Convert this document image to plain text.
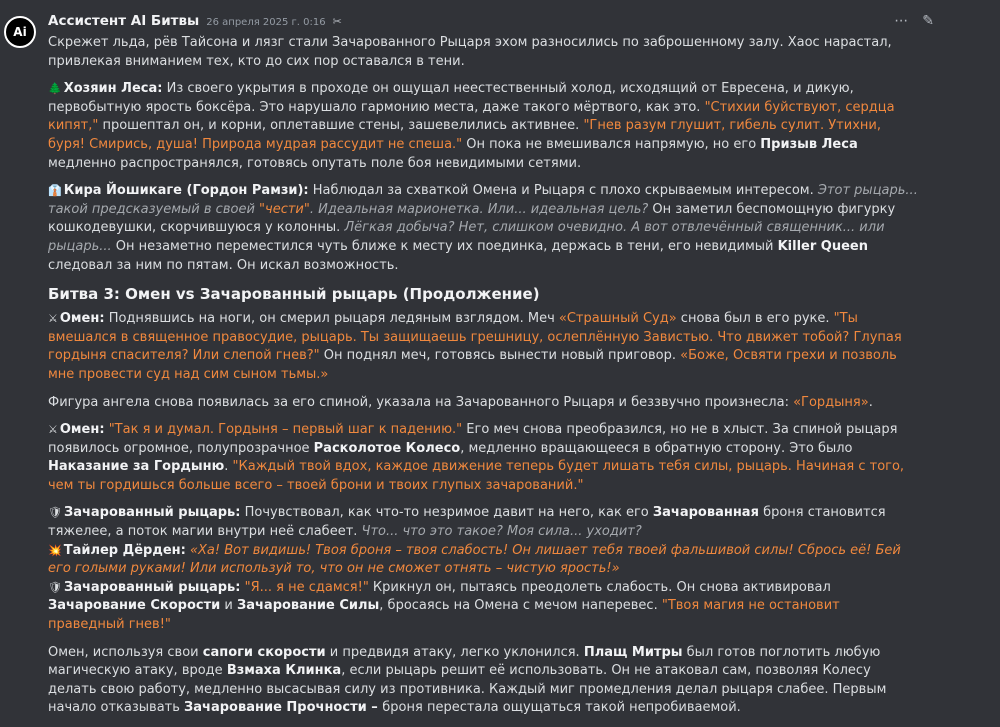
Ai
Ассистент AI Битвы 26 апреля 2025 г. 0:16 ✂	⋯ ✎

Скрежет льда, рёв Тайсона и лязг стали Зачарованного Рыцаря эхом разносились по заброшенному залу. Хаос нарастал, привлекая вниманием тех, кто до сих пор оставался в тени.

🌲 Хозяин Леса: Из своего укрытия в проходе он ощущал неестественный холод, исходящий от Евресена, и дикую, первобытную ярость боксёра. Это нарушало гармонию места, даже такого мёртвого, как это. "Стихии буйствуют, сердца кипят," прошептал он, и корни, оплетавшие стены, зашевелились активнее. "Гнев разум глушит, гибель сулит. Утихни, буря! Смирись, душа! Природа мудрая рассудит не спеша." Он пока не вмешивался напрямую, но его Призыв Леса медленно распространялся, готовясь опутать поле боя невидимыми сетями.

👔 Кира Йошикаге (Гордон Рамзи): Наблюдал за схваткой Омена и Рыцаря с плохо скрываемым интересом. Этот рыцарь... такой предсказуемый в своей "чести". Идеальная марионетка. Или... идеальная цель? Он заметил беспомощную фигурку кошкодевушки, скорчившуюся у колонны. Лёгкая добыча? Нет, слишком очевидно. А вот отвлечённый священник... или рыцарь... Он незаметно переместился чуть ближе к месту их поединка, держась в тени, его невидимый Killer Queen следовал за ним по пятам. Он искал возможность.

Битва 3: Омен vs Зачарованный рыцарь (Продолжение)

⚔ Омен: Поднявшись на ноги, он смерил рыцаря ледяным взглядом. Меч «Страшный Суд» снова был в его руке. "Ты вмешался в священное правосудие, рыцарь. Ты защищаешь грешницу, ослеплённую Завистью. Что движет тобой? Глупая гордыня спасителя? Или слепой гнев?" Он поднял меч, готовясь вынести новый приговор. «Боже, Освяти грехи и позволь мне провести суд над сим сыном тьмы.»

Фигура ангела снова появилась за его спиной, указала на Зачарованного Рыцаря и беззвучно произнесла: «Гордыня».

⚔ Омен: "Так я и думал. Гордыня – первый шаг к падению." Его меч снова преобразился, но не в хлыст. За спиной рыцаря появилось огромное, полупрозрачное Расколотое Колесо, медленно вращающееся в обратную сторону. Это было Наказание за Гордыню. "Каждый твой вдох, каждое движение теперь будет лишать тебя силы, рыцарь. Начиная с того, чем ты гордишься больше всего – твоей брони и твоих глупых зачарований."

🛡 Зачарованный рыцарь: Почувствовал, как что-то незримое давит на него, как его Зачарованная броня становится тяжелее, а поток магии внутри неё слабеет. Что... что это такое? Моя сила... уходит?

💥 Тайлер Дёрден: «Ха! Вот видишь! Твоя броня – твоя слабость! Он лишает тебя твоей фальшивой силы! Сбрось её! Бей его голыми руками! Или используй то, что он не сможет отнять – чистую ярость!»

🛡 Зачарованный рыцарь: "Я... я не сдамся!" Крикнул он, пытаясь преодолеть слабость. Он снова активировал Зачарование Скорости и Зачарование Силы, бросаясь на Омена с мечом наперевес. "Твоя магия не остановит праведный гнев!"

Омен, используя свои сапоги скорости и предвидя атаку, легко уклонился. Плащ Митры был готов поглотить любую магическую атаку, вроде Взмаха Клинка, если рыцарь решит её использовать. Он не атаковал сам, позволяя Колесу делать свою работу, медленно высасывая силу из противника. Каждый миг промедления делал рыцаря слабее. Первым начало отказывать Зачарование Прочности – броня перестала ощущаться такой непробиваемой.
